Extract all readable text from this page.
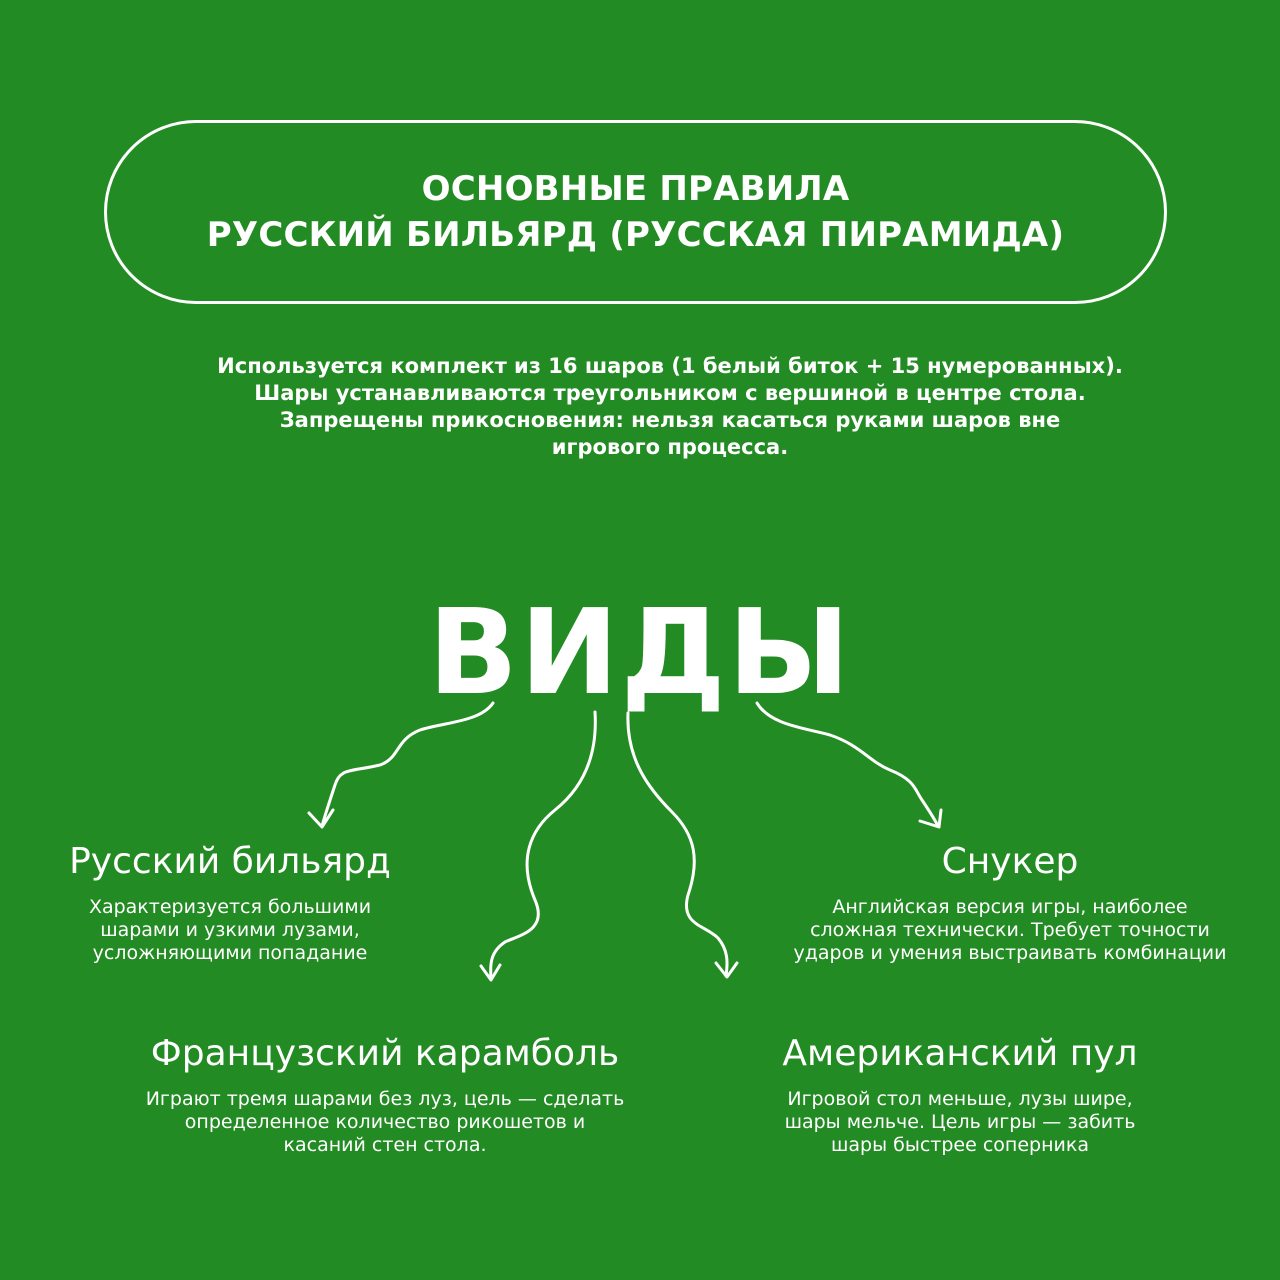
ОСНОВНЫЕ ПРАВИЛА
РУССКИЙ БИЛЬЯРД (РУССКАЯ ПИРАМИДА)
Используется комплект из 16 шаров (1 белый биток + 15 нумерованных).
Шары устанавливаются треугольником с вершиной в центре стола.
Запрещены прикосновения: нельзя касаться руками шаров вне
игрового процесса.
ВИДЫ
Русский бильярд
Характеризуется большими
шарами и узкими лузами,
усложняющими попадание
Снукер
Английская версия игры, наиболее
сложная технически. Требует точности
ударов и умения выстраивать комбинации
Французский карамболь
Играют тремя шарами без луз, цель — сделать
определенное количество рикошетов и
касаний стен стола.
Американский пул
Игровой стол меньше, лузы шире,
шары мельче. Цель игры — забить
шары быстрее соперника
